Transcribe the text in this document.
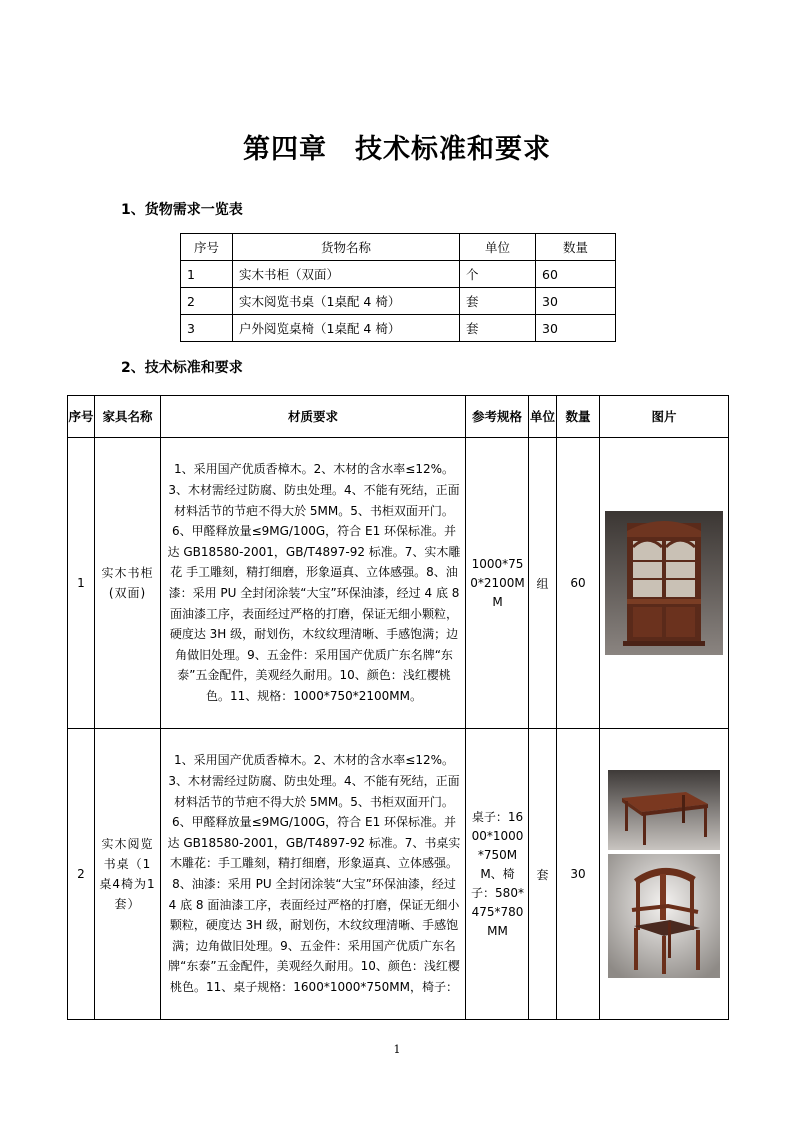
第四章　技术标准和要求
1、货物需求一览表
序号	货物名称	单位	数量
1	实木书柜（双面）	个	60
2	实木阅览书桌（1桌配 4 椅）	套	30
3	户外阅览桌椅（1桌配 4 椅）	套	30
2、技术标准和要求
序号	家具名称	材质要求	参考规格	单位	数量	图片
1	实木书柜(双面)	1、采用国产优质香樟木。2、木材的含水率≤12%。3、木材需经过防腐、防虫处理。4、不能有死结，正面材料活节的节疤不得大於 5MM。5、书柜双面开门。6、甲醛释放量≤9MG/100G，符合 E1 环保标准。并达 GB18580-2001，GB/T4897-92 标准。7、实木雕花 手工雕刻，精打细磨，形象逼真、立体感强。8、油漆：采用 PU 全封闭涂装“大宝”环保油漆，经过 4 底 8 面油漆工序，表面经过严格的打磨，保证无细小颗粒，硬度达 3H 级，耐划伤，木纹纹理清晰、手感饱满；边角做旧处理。9、五金件：采用国产优质广东名牌“东泰”五金配件，美观经久耐用。10、颜色：浅红樱桃色。11、规格：1000*750*2100MM。	1000*750*2100MM	组	60	

2	实木阅览书桌（1桌4椅为1套）	1、采用国产优质香樟木。2、木材的含水率≤12%。3、木材需经过防腐、防虫处理。4、不能有死结，正面材料活节的节疤不得大於 5MM。5、书柜双面开门。6、甲醛释放量≤9MG/100G，符合 E1 环保标准。并达 GB18580-2001，GB/T4897-92 标准。7、书桌实木雕花：手工雕刻，精打细磨，形象逼真、立体感强。8、油漆：采用 PU 全封闭涂装“大宝”环保油漆，经过 4 底 8 面油漆工序，表面经过严格的打磨，保证无细小颗粒，硬度达 3H 级，耐划伤，木纹纹理清晰、手感饱满；边角做旧处理。9、五金件：采用国产优质广东名牌“东泰”五金配件，美观经久耐用。10、颜色：浅红樱桃色。11、桌子规格：1600*1000*750MM，椅子：	桌子：1600*1000*750MM、椅子：580*475*780MM	套	30	
1
